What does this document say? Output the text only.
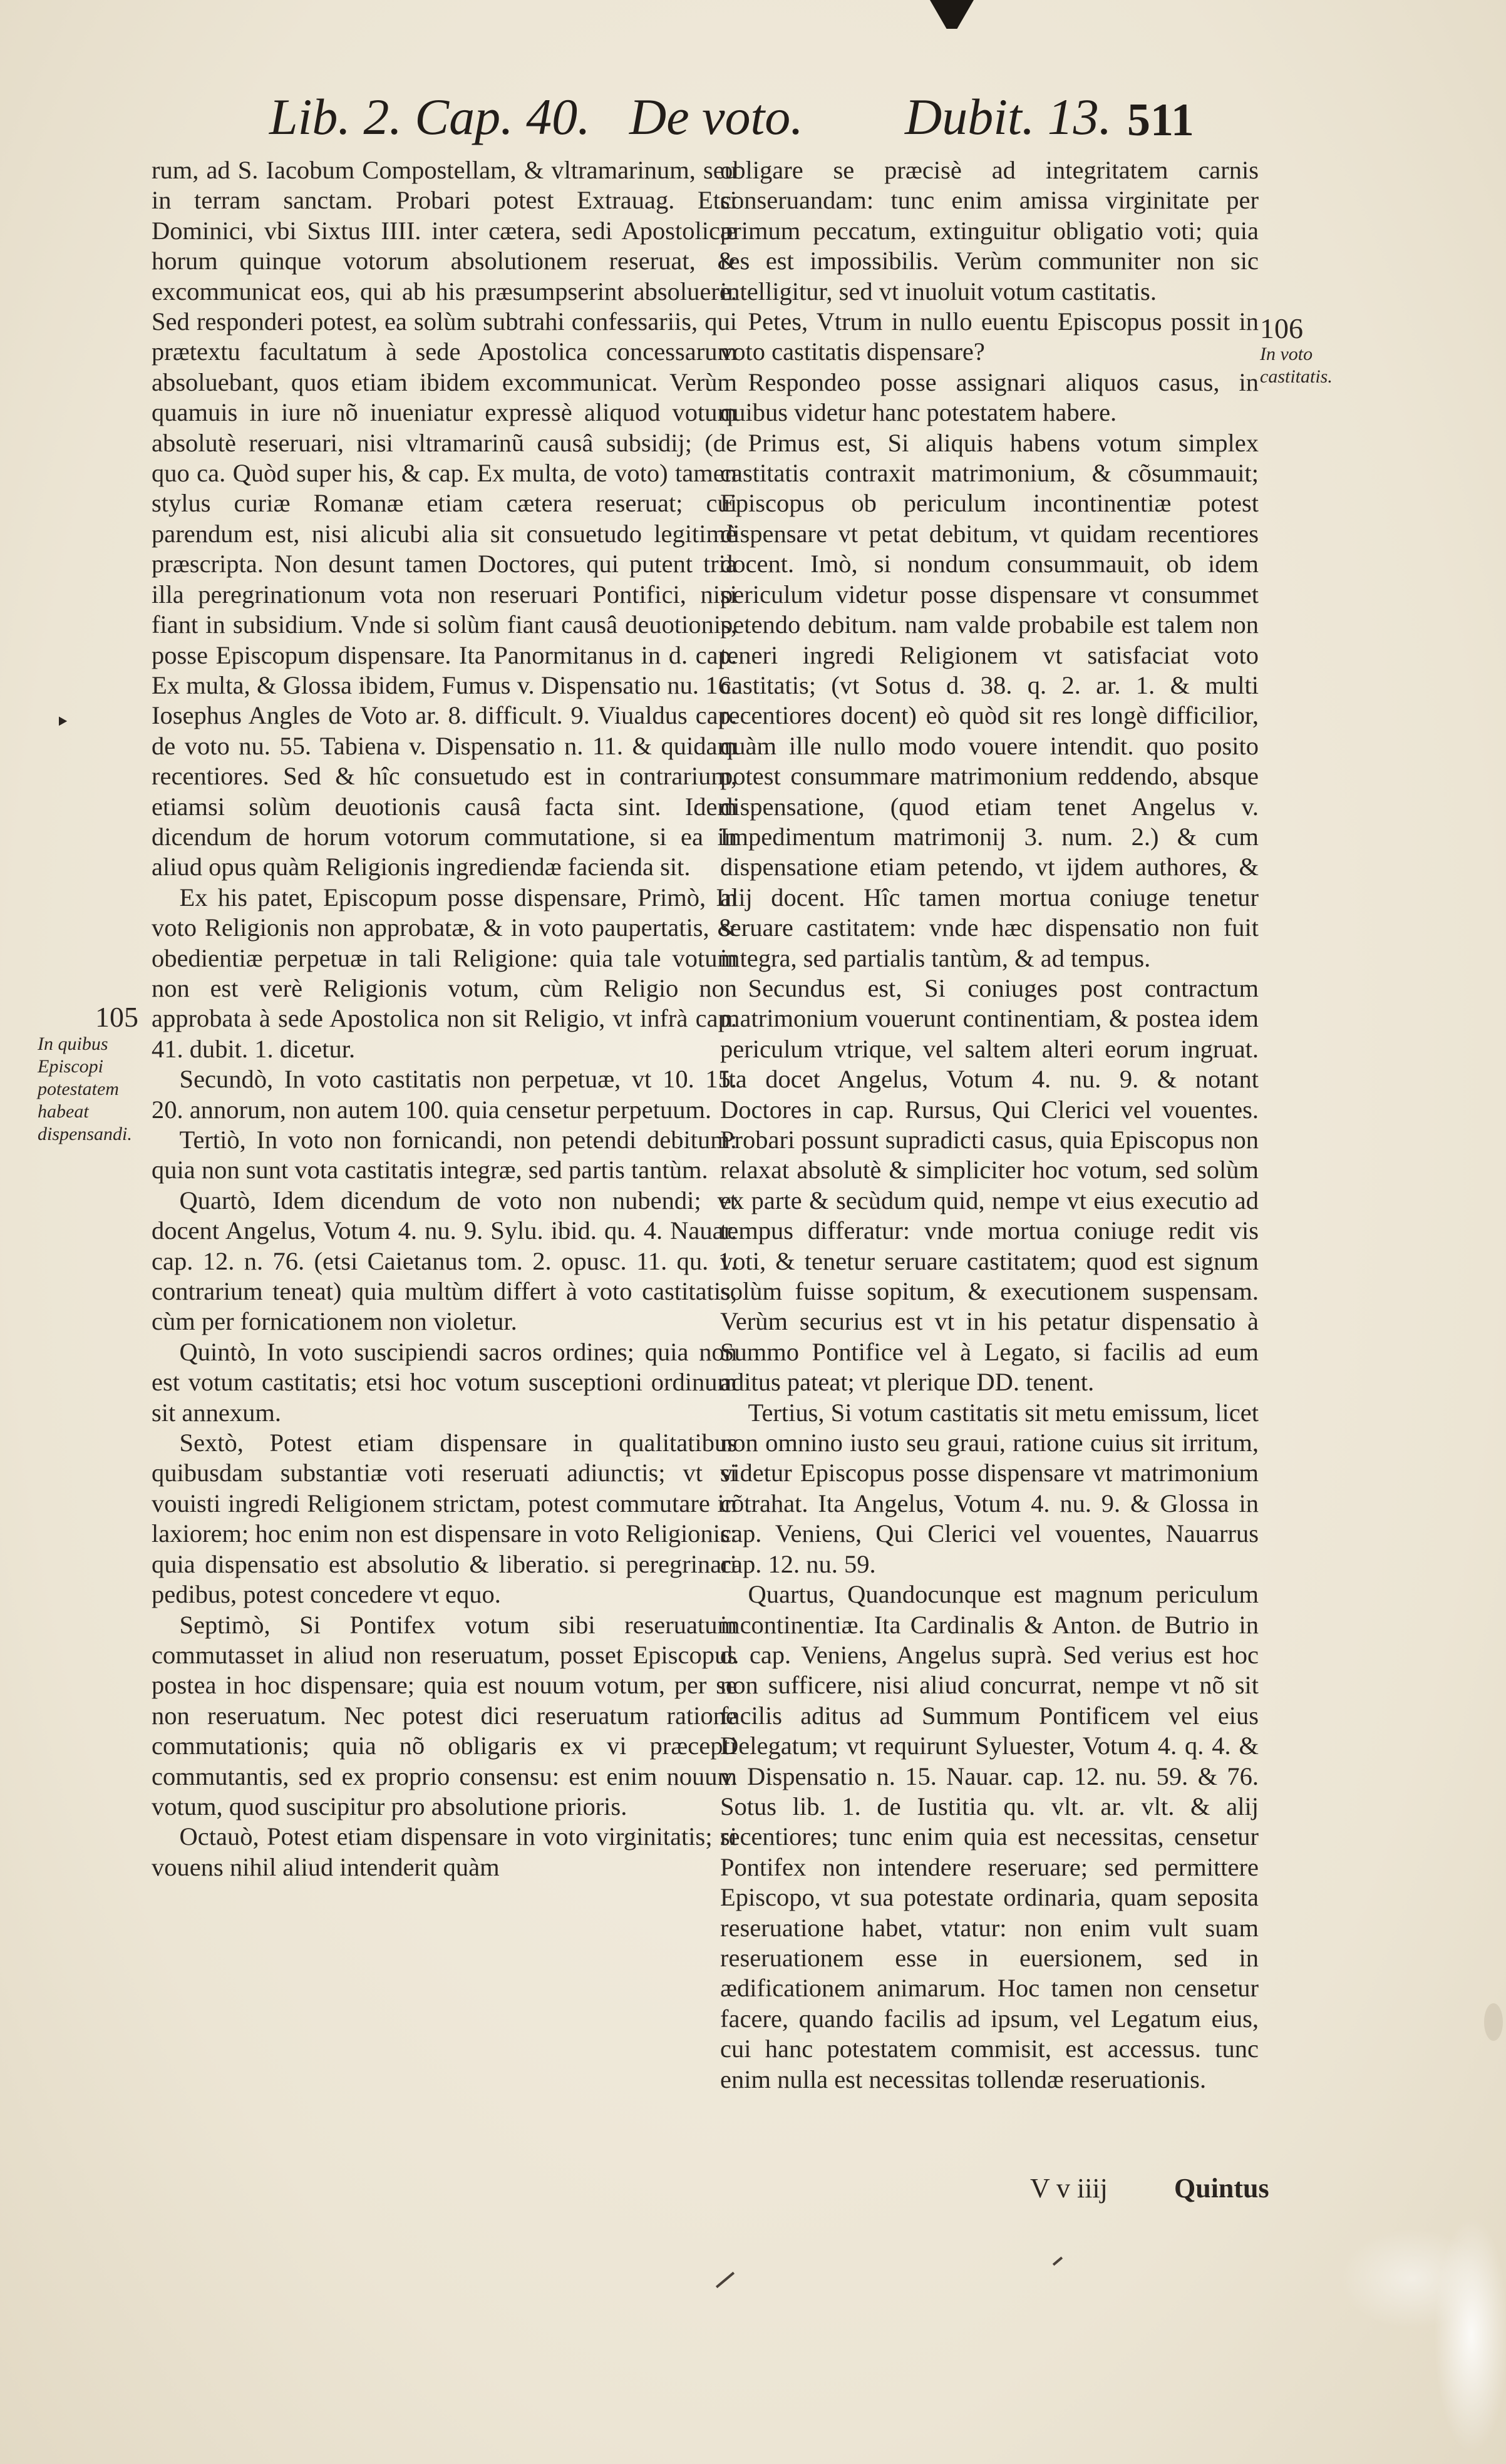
Lib. 2. Cap. 40. De voto. Dubit. 13. 511
105
In quibus Episcopi potestatem habeat dispensandi.
106
In voto castitatis.
‣

rum, ad S. Iacobum Compostellam, & vltramarinum, seu in terram sanctam. Probari potest Extrauag. Etsi Dominici, vbi Sixtus IIII. inter cætera, sedi Apostolicæ horum quinque votorum absolutionem reseruat, & excommunicat eos, qui ab his præsumpserint absoluere. Sed responderi potest, ea solùm subtrahi confessariis, qui prætextu facultatum à sede Apostolica concessarum absoluebant, quos etiam ibidem excommunicat. Verùm quamuis in iure nõ inueniatur expressè aliquod votum absolutè reseruari, nisi vltramarinũ causâ subsidij; (de quo ca. Quòd super his, & cap. Ex multa, de voto) tamen stylus curiæ Romanæ etiam cætera reseruat; cui parendum est, nisi alicubi alia sit consuetudo legitimè præscripta. Non desunt tamen Doctores, qui putent tria illa peregrinationum vota non reseruari Pontifici, nisi fiant in subsidium. Vnde si solùm fiant causâ deuotionis, posse Episcopum dispensare. Ita Panormitanus in d. cap. Ex multa, & Glossa ibidem, Fumus v. Dispensatio nu. 16. Iosephus Angles de Voto ar. 8. difficult. 9. Viualdus cap. de voto nu. 55. Tabiena v. Dispensatio n. 11. & quidam recentiores. Sed & hîc consuetudo est in contrarium, etiamsi solùm deuotionis causâ facta sint. Idem dicendum de horum votorum commutatione, si ea in aliud opus quàm Religionis ingrediendæ facienda sit.

Ex his patet, Episcopum posse dispensare, Primò, In voto Religionis non approbatæ, & in voto paupertatis, & obedientiæ perpetuæ in tali Religione: quia tale votum non est verè Religionis votum, cùm Religio non approbata à sede Apostolica non sit Religio, vt infrà cap. 41. dubit. 1. dicetur.

Secundò, In voto castitatis non perpetuæ, vt 10. 15. 20. annorum, non autem 100. quia censetur perpetuum.

Tertiò, In voto non fornicandi, non petendi debitum: quia non sunt vota castitatis integræ, sed partis tantùm.

Quartò, Idem dicendum de voto non nubendi; vt docent Angelus, Votum 4. nu. 9. Sylu. ibid. qu. 4. Nauar. cap. 12. n. 76. (etsi Caietanus tom. 2. opusc. 11. qu. 1. contrarium teneat) quia multùm differt à voto castitatis, cùm per fornicationem non violetur.

Quintò, In voto suscipiendi sacros ordines; quia non est votum castitatis; etsi hoc votum susceptioni ordinum sit annexum.

Sextò, Potest etiam dispensare in qualitatibus quibusdam substantiæ voti reseruati adiunctis; vt si vouisti ingredi Religionem strictam, potest commutare in laxiorem; hoc enim non est dispensare in voto Religionis: quia dispensatio est absolutio & liberatio. si peregrinari pedibus, potest concedere vt equo.

Septimò, Si Pontifex votum sibi reseruatum commutasset in aliud non reseruatum, posset Episcopus postea in hoc dispensare; quia est nouum votum, per se non reseruatum. Nec potest dici reseruatum ratione commutationis; quia nõ obligaris ex vi præcepti commutantis, sed ex proprio consensu: est enim nouum votum, quod suscipitur pro absolutione prioris.

Octauò, Potest etiam dispensare in voto virginitatis; si vouens nihil aliud intenderit quàm

obligare se præcisè ad integritatem carnis conseruandam: tunc enim amissa virginitate per primum peccatum, extinguitur obligatio voti; quia res est impossibilis. Verùm communiter non sic intelligitur, sed vt inuoluit votum castitatis.

Petes, Vtrum in nullo euentu Episcopus possit in voto castitatis dispensare?

Respondeo posse assignari aliquos casus, in quibus videtur hanc potestatem habere.

Primus est, Si aliquis habens votum simplex castitatis contraxit matrimonium, & cõsummauit; Episcopus ob periculum incontinentiæ potest dispensare vt petat debitum, vt quidam recentiores docent. Imò, si nondum consummauit, ob idem periculum videtur posse dispensare vt consummet petendo debitum. nam valde probabile est talem non teneri ingredi Religionem vt satisfaciat voto castitatis; (vt Sotus d. 38. q. 2. ar. 1. & multi recentiores docent) eò quòd sit res longè difficilior, quàm ille nullo modo vouere intendit. quo posito potest consummare matrimonium reddendo, absque dispensatione, (quod etiam tenet Angelus v. Impedimentum matrimonij 3. num. 2.) & cum dispensatione etiam petendo, vt ijdem authores, & alij docent. Hîc tamen mortua coniuge tenetur seruare castitatem: vnde hæc dispensatio non fuit integra, sed partialis tantùm, & ad tempus.

Secundus est, Si coniuges post contractum matrimonium vouerunt continentiam, & postea idem periculum vtrique, vel saltem alteri eorum ingruat. Ita docet Angelus, Votum 4. nu. 9. & notant Doctores in cap. Rursus, Qui Clerici vel vouentes. Probari possunt supradicti casus, quia Episcopus non relaxat absolutè & simpliciter hoc votum, sed solùm ex parte & secùdum quid, nempe vt eius executio ad tempus differatur: vnde mortua coniuge redit vis voti, & tenetur seruare castitatem; quod est signum solùm fuisse sopitum, & executionem suspensam. Verùm securius est vt in his petatur dispensatio à Summo Pontifice vel à Legato, si facilis ad eum aditus pateat; vt plerique DD. tenent.

Tertius, Si votum castitatis sit metu emissum, licet non omnino iusto seu graui, ratione cuius sit irritum, videtur Episcopus posse dispensare vt matrimonium cõtrahat. Ita Angelus, Votum 4. nu. 9. & Glossa in cap. Veniens, Qui Clerici vel vouentes, Nauarrus cap. 12. nu. 59.

Quartus, Quandocunque est magnum periculum incontinentiæ. Ita Cardinalis & Anton. de Butrio in d. cap. Veniens, Angelus suprà. Sed verius est hoc non sufficere, nisi aliud concurrat, nempe vt nõ sit facilis aditus ad Summum Pontificem vel eius Delegatum; vt requirunt Syluester, Votum 4. q. 4. & v. Dispensatio n. 15. Nauar. cap. 12. nu. 59. & 76. Sotus lib. 1. de Iustitia qu. vlt. ar. vlt. & alij recentiores; tunc enim quia est necessitas, censetur Pontifex non intendere reseruare; sed permittere Episcopo, vt sua potestate ordinaria, quam seposita reseruatione habet, vtatur: non enim vult suam reseruationem esse in euersionem, sed in ædificationem animarum. Hoc tamen non censetur facere, quando facilis ad ipsum, vel Legatum eius, cui hanc potestatem commisit, est accessus. tunc enim nulla est necessitas tollendæ reseruationis.

V v iiij Quintus
